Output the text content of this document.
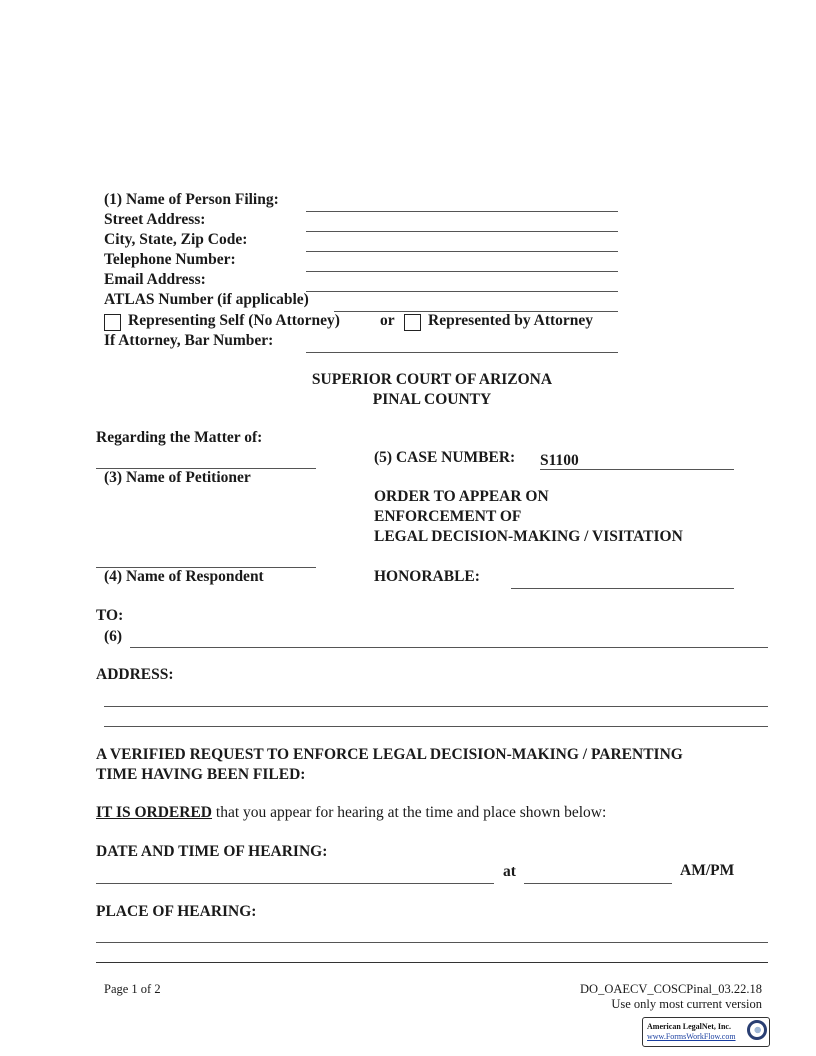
(1) Name of Person Filing:
Street Address:
City, State, Zip Code:
Telephone Number:
Email Address:
ATLAS Number (if applicable)
Representing Self (No Attorney)	or Represented by Attorney
If Attorney, Bar Number:
SUPERIOR COURT OF ARIZONA
PINAL COUNTY
Regarding the Matter of:
(3) Name of Petitioner
(5) CASE NUMBER: S1100
ORDER TO APPEAR ON
ENFORCEMENT OF
LEGAL DECISION-MAKING / VISITATION
(4) Name of Respondent	HONORABLE:
TO:
(6)
ADDRESS:
A VERIFIED REQUEST TO ENFORCE LEGAL DECISION-MAKING / PARENTING
TIME HAVING BEEN FILED:
IT IS ORDERED that you appear for hearing at the time and place shown below:
DATE AND TIME OF HEARING:
at	AM/PM
PLACE OF HEARING:
Page 1 of 2	DO_OAECV_COSCPinal_03.22.18
Use only most current version
American LegalNet, Inc.
www.FormsWorkFlow.com
